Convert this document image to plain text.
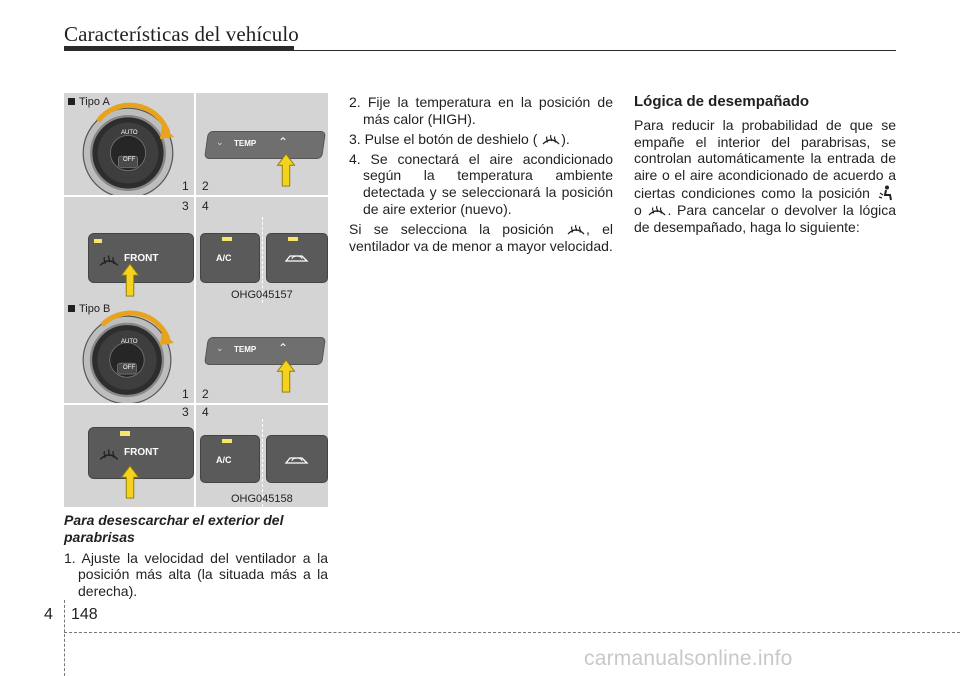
Características del vehículo
Tipo A
AUTO
OFF
1
TEMP
⌄	⌃
2
FRONT
3
A/C
4
OHG045157
Tipo B
AUTO
OFF
1
TEMP
⌄	⌃
2
FRONT
3
A/C
4
OHG045158

Para desescarchar el exterior del parabrisas

1. Ajuste la velocidad del ventilador a la posición más alta (la situada más a la derecha).

2. Fije la temperatura en la posición de más calor (HIGH).

3. Pulse el botón de deshielo ( ).

4. Se conectará el aire acondicionado según la temperatura ambiente detectada y se seleccionará la posición de aire exterior (nuevo).

Si se selecciona la posición , el ventilador va de menor a mayor velocidad.

Lógica de desempañado

Para reducir la probabilidad de que se empañe el interior del parabrisas, se controlan automáticamente la entrada de aire o el aire acondicionado de acuerdo a ciertas condiciones como la posición  o . Para cancelar o devolver la lógica de desempañado, haga lo siguiente:

4 148
carmanualsonline.info
